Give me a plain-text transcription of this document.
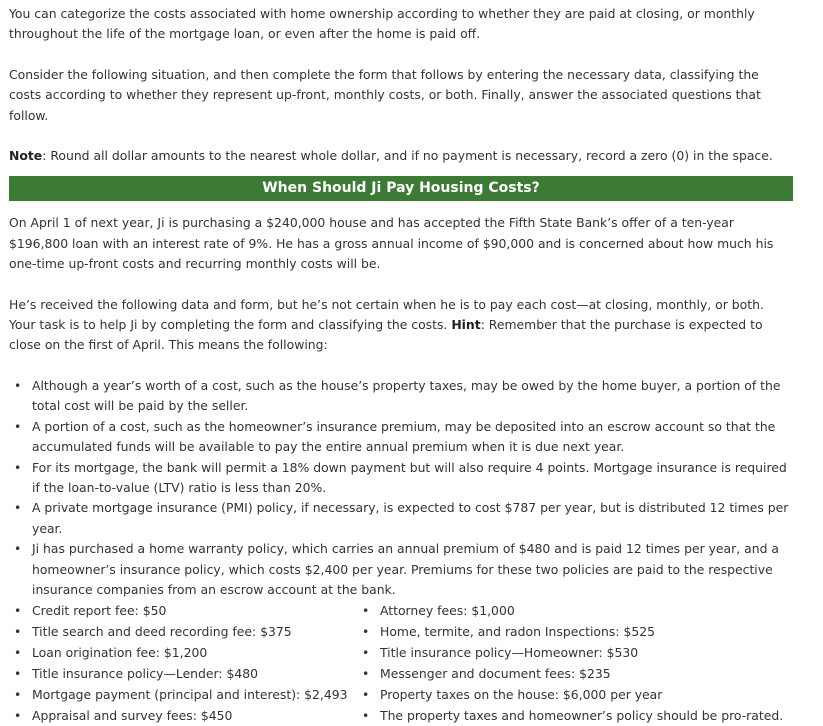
You can categorize the costs associated with home ownership according to whether they are paid at closing, or monthly throughout the life of the mortgage loan, or even after the home is paid off.

Consider the following situation, and then complete the form that follows by entering the necessary data, classifying the costs according to whether they represent up-front, monthly costs, or both. Finally, answer the associated questions that follow.

Note: Round all dollar amounts to the nearest whole dollar, and if no payment is necessary, record a zero (0) in the space.

When Should Ji Pay Housing Costs?

On April 1 of next year, Ji is purchasing a $240,000 house and has accepted the Fifth State Bank’s offer of a ten-year $196,800 loan with an interest rate of 9%. He has a gross annual income of $90,000 and is concerned about how much his one-time up-front costs and recurring monthly costs will be.

He’s received the following data and form, but he’s not certain when he is to pay each cost—at closing, monthly, or both. Your task is to help Ji by completing the form and classifying the costs. Hint: Remember that the purchase is expected to close on the first of April. This means the following:

• Although a year’s worth of a cost, such as the house’s property taxes, may be owed by the home buyer, a portion of the total cost will be paid by the seller.
• A portion of a cost, such as the homeowner’s insurance premium, may be deposited into an escrow account so that the accumulated funds will be available to pay the entire annual premium when it is due next year.
• For its mortgage, the bank will permit a 18% down payment but will also require 4 points. Mortgage insurance is required if the loan-to-value (LTV) ratio is less than 20%.
• A private mortgage insurance (PMI) policy, if necessary, is expected to cost $787 per year, but is distributed 12 times per year.
• Ji has purchased a home warranty policy, which carries an annual premium of $480 and is paid 12 times per year, and a homeowner’s insurance policy, which costs $2,400 per year. Premiums for these two policies are paid to the respective insurance companies from an escrow account at the bank.
• Credit report fee: $50
• Title search and deed recording fee: $375
• Loan origination fee: $1,200
• Title insurance policy—Lender: $480
• Mortgage payment (principal and interest): $2,493
• Appraisal and survey fees: $450
• Attorney fees: $1,000
• Home, termite, and radon Inspections: $525
• Title insurance policy—Homeowner: $530
• Messenger and document fees: $235
• Property taxes on the house: $6,000 per year
• The property taxes and homeowner’s policy should be pro-rated.
